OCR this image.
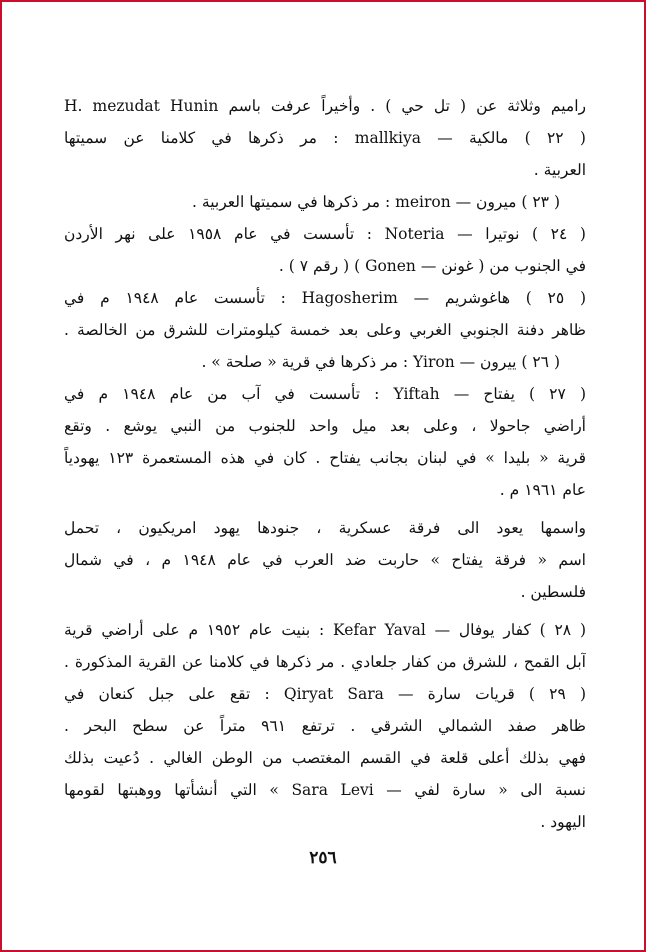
راميم وثلاثة عن ( تل حي ) . وأخيراً عرفت باسم H. mezudat Hunin
( ٢٢ ) مالكية — mallkiya : مر ذكرها في كلامنا عن سميتها
العربية .
( ٢٣ ) ميرون — meiron : مر ذكرها في سميتها العربية .
( ٢٤ ) نوتيرا — Noteria : تأسست في عام ١٩٥٨ على نهر الأردن
في الجنوب من ( غونن — Gonen ) ( رقم ٧ ) .
( ٢٥ ) هاغوشريم — Hagosherim : تأسست عام ١٩٤٨ م في
ظاهر دفنة الجنوبي الغربي وعلى بعد خمسة كيلومترات للشرق من الخالصة .
( ٢٦ ) ييرون — Yiron : مر ذكرها في قرية « صلحة » .
( ٢٧ ) يفتاح — Yiftah : تأسست في آب من عام ١٩٤٨ م في
أراضي جاحولا ، وعلى بعد ميل واحد للجنوب من النبي يوشع . وتقع
قرية « بليدا » في لبنان بجانب يفتاح . كان في هذه المستعمرة ١٢٣ يهودياً
عام ١٩٦١ م .
واسمها يعود الى فرقة عسكرية ، جنودها يهود امريكيون ، تحمل
اسم « فرقة يفتاح » حاربت ضد العرب في عام ١٩٤٨ م ، في شمال
فلسطين .
( ٢٨ ) كفار يوفال — Kefar Yaval : بنيت عام ١٩٥٢ م على أراضي قرية
آبل القمح ، للشرق من كفار جلعادي . مر ذكرها في كلامنا عن القرية المذكورة .
( ٢٩ ) قريات سارة — Qiryat Sara : تقع على جبل كنعان في
ظاهر صفد الشمالي الشرقي . ترتفع ٩٦١ متراً عن سطح البحر .
فهي بذلك أعلى قلعة في القسم المغتصب من الوطن الغالي . دُعيت بذلك
نسبة الى « سارة لفي — Sara Levi » التي أنشأتها ووهبتها لقومها
اليهود .
٢٥٦
